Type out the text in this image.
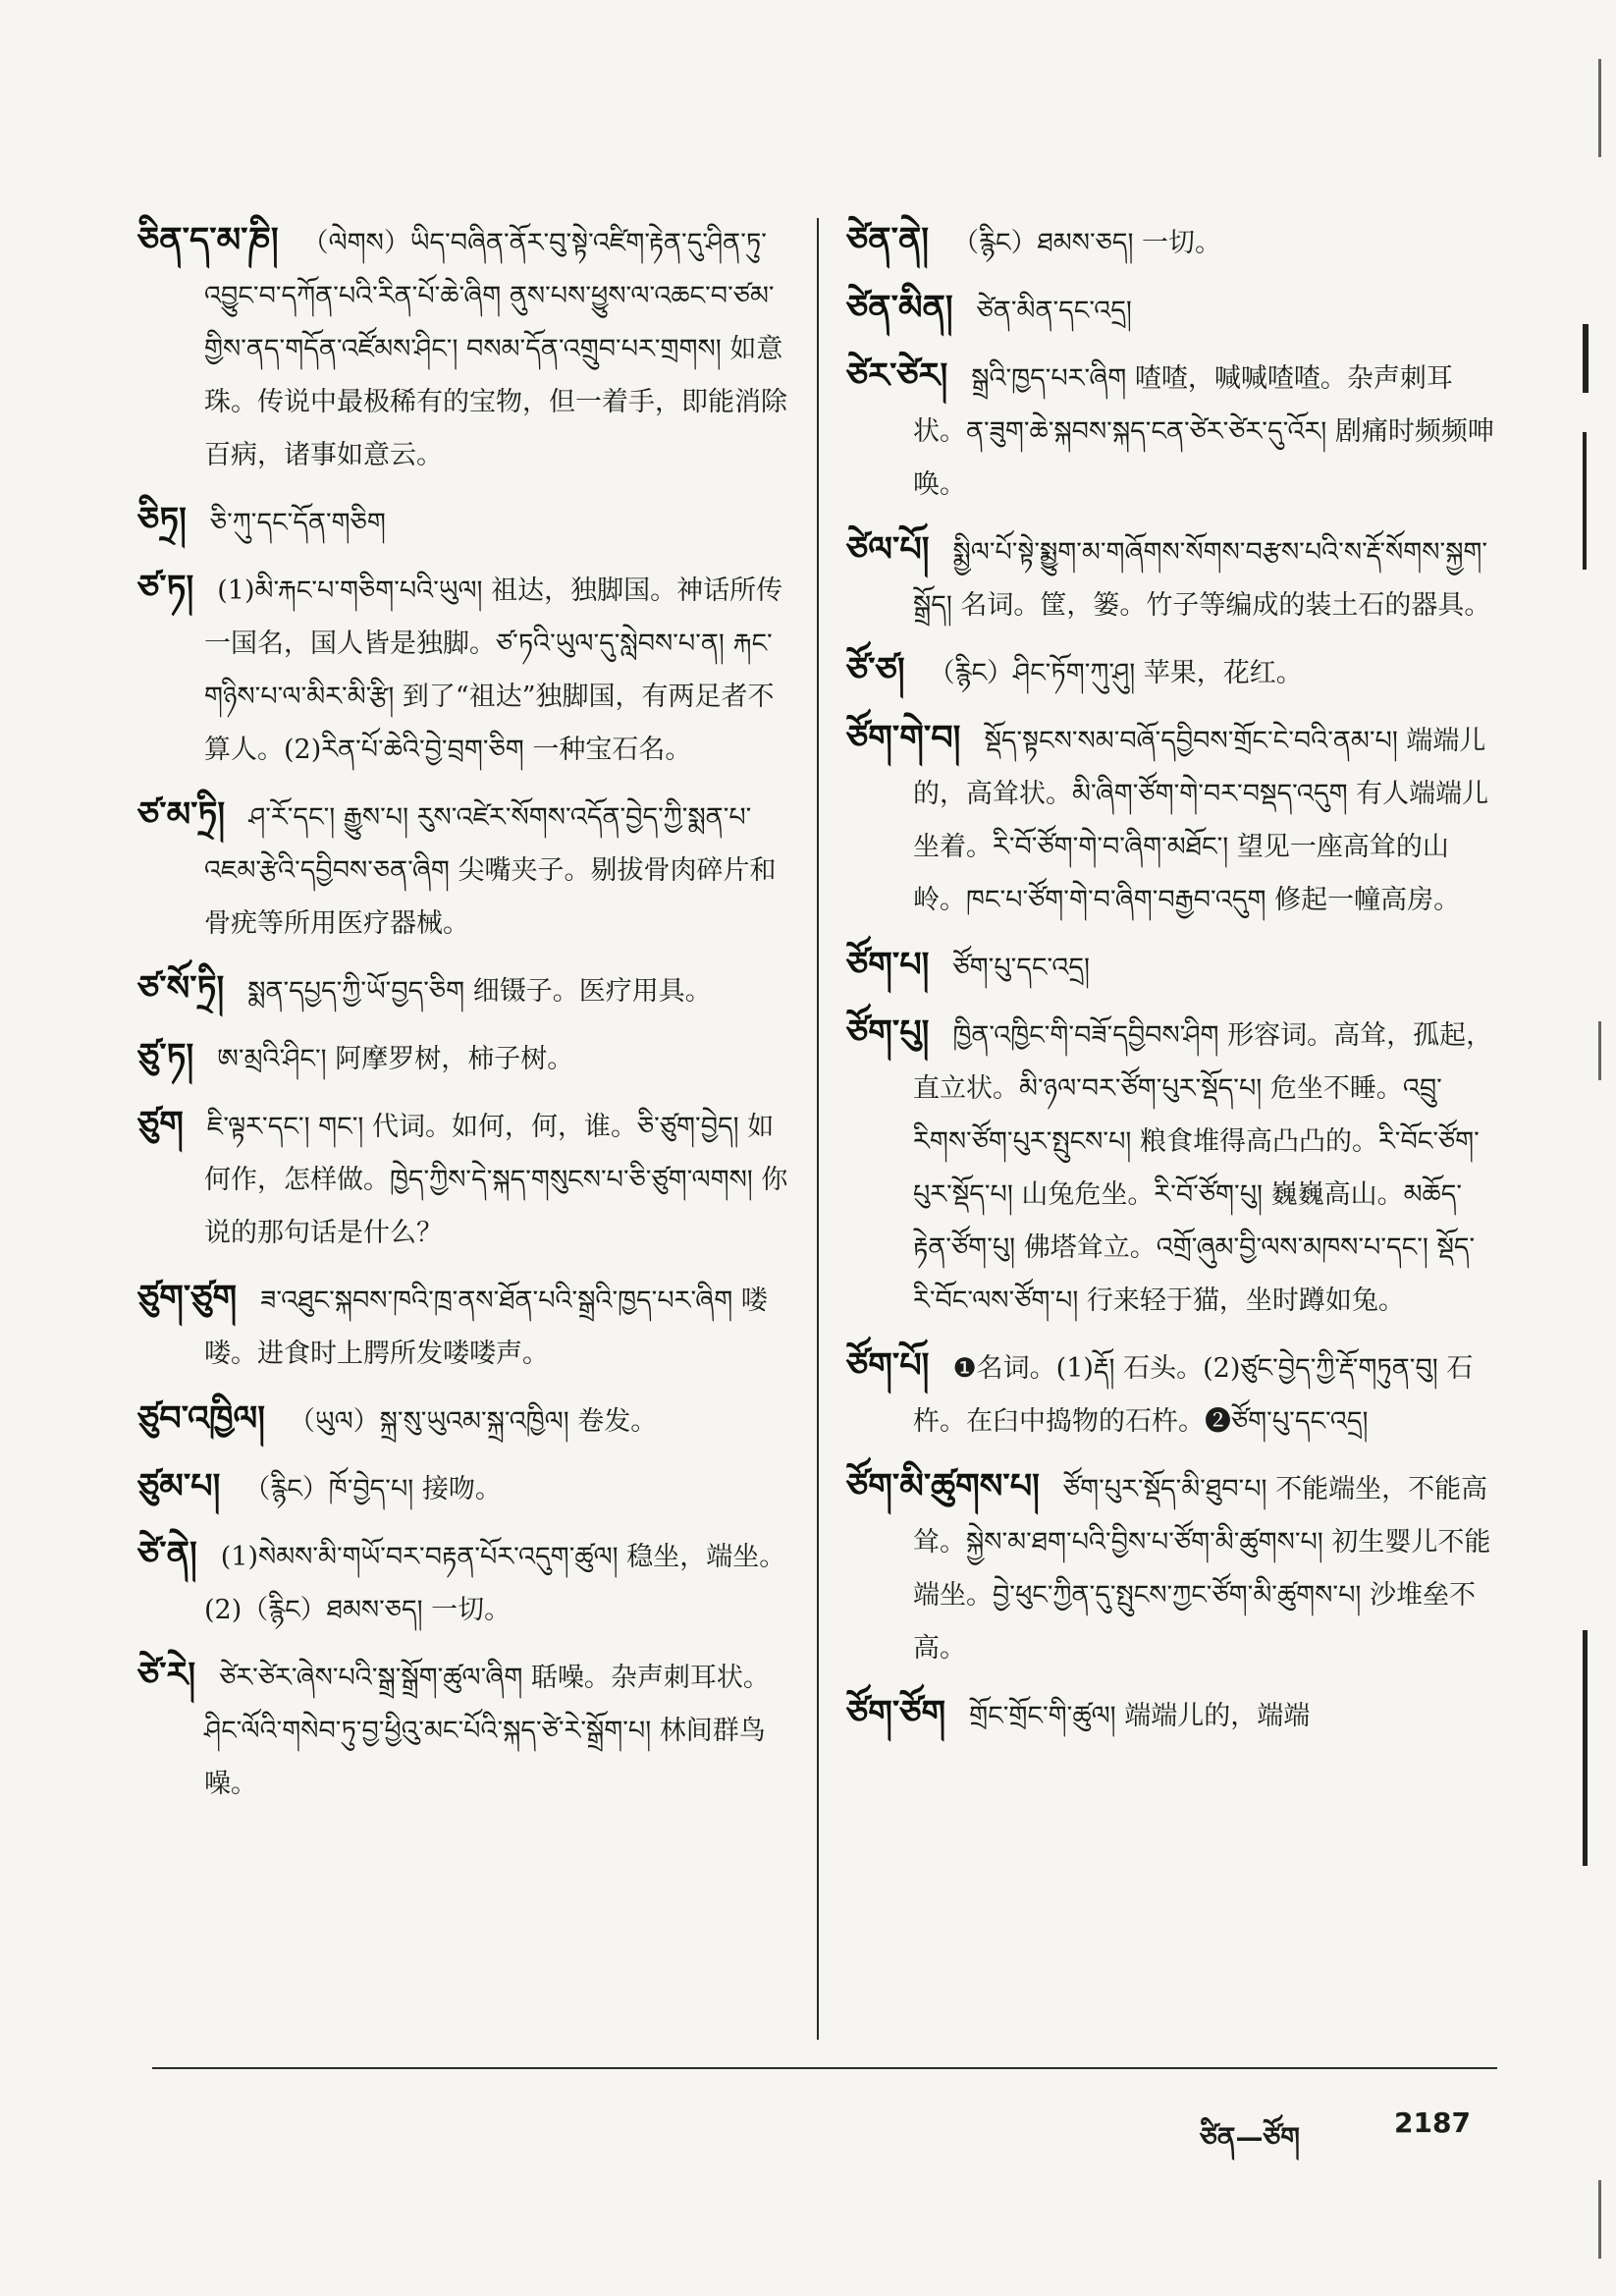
ཅིན་ད་མ་ཎི། （ལེགས）ཡིད་བཞིན་ནོར་བུ་སྟེ་འཛིག་རྟེན་དུ་ཤིན་ཏུ་འབྱུང་བ་དཀོན་པའི་རིན་པོ་ཆེ་ཞིག ནུས་པས་ཕྱུས་ལ་འཆང་བ་ཙམ་གྱིས་ནད་གདོན་འཛོམས་ཤིང་། བསམ་དོན་འགྲུབ་པར་གྲགས། 如意珠。传说中最极稀有的宝物，但一着手，即能消除百病，诸事如意云。
ཅིཏྲ། ཅི་ཀུ་དང་དོན་གཅིག
ཙ་ཏ། (1)མི་རྐང་པ་གཅིག་པའི་ཡུལ། 祖达，独脚国。神话所传一国名，国人皆是独脚。ཙ་ཏའི་ཡུལ་དུ་སླེབས་པ་ན། རྐང་གཉིས་པ་ལ་མིར་མི་རྩི། 到了“祖达”独脚国，有两足者不算人。(2)རིན་པོ་ཆེའི་བྱེ་བྲག་ཅིག 一种宝石名。
ཙ་མ་ཏྲི། ཤ་རོ་དང་། རྒྱུས་པ། རུས་འཛེར་སོགས་འདོན་བྱེད་ཀྱི་སྨན་པ་འཇམ་རྩེའི་དབྱིབས་ཅན་ཞིག 尖嘴夹子。剔拔骨肉碎片和骨疣等所用医疗器械。
ཙ་སོ་ཏྲི། སྨན་དཔྱད་ཀྱི་ཡོ་བྱད་ཅིག 细镊子。医疗用具。
ཙུ་ཏ། ཨ་མྲའི་ཤིང་། 阿摩罗树，柿子树。
ཙུག ཇི་ལྟར་དང་། གང་། 代词。如何，何，谁。ཅི་ཙུག་བྱེད། 如何作，怎样做。ཁྱེད་ཀྱིས་དེ་སྐད་གསུངས་པ་ཅི་ཙུག་ལགས། 你说的那句话是什么？
ཙུག་ཙུག ཟ་འཐུང་སྐབས་ཁའི་ཁྲ་ནས་ཐོན་པའི་སྒྲའི་ཁྱད་པར་ཞིག 喽喽。进食时上腭所发喽喽声。
ཙུབ་འཁྱིལ། （ཡུལ）སྐྲ་སུ་ཡུའམ་སྐྲ་འཁྱིལ། 卷发。
ཙུམ་པ། （རྙིང）ཁོ་བྱེད་པ། 接吻。
ཙེ་ནེ། (1)སེམས་མི་གཡོ་བར་བརྟན་པོར་འདུག་ཚུལ། 稳坐，端坐。(2)（རྙིང）ཐམས་ཅད། 一切。
ཙེ་རེ། ཙེར་ཙེར་ཞེས་པའི་སྒྲ་སྒྲོག་ཚུལ་ཞིག 聒噪。杂声刺耳状。ཤིང་ལོའི་གསེབ་ཏུ་བྱ་ཕྱིའུ་མང་པོའི་སྐད་ཙེ་རེ་སྒྲོག་པ། 林间群鸟噪。
ཙེན་ནེ། （རྙིང）ཐམས་ཅད། 一切。
ཙེན་མིན། ཙེན་མིན་དང་འདྲ།
ཙེར་ཙེར། སྒྲའི་ཁྱད་པར་ཞིག 喳喳，喊喊喳喳。杂声刺耳状。ན་ཟུག་ཆེ་སྐབས་སྐད་ངན་ཙེར་ཙེར་དུ་འོར། 剧痛时频频呻唤。
ཙེལ་པོ། སྨྱིལ་པོ་སྟེ་སྨྱུག་མ་གཞོགས་སོགས་བརྩས་པའི་ས་རྡོ་སོགས་སྐྱག་སྒྲོད། 名词。筐，篓。竹子等编成的装土石的器具。
ཙོ་ཙ། （རྙིང）ཤིང་ཏོག་ཀུ་ཤུ། 苹果，花红。
ཙོག་གེ་བ། སྡོད་སྟངས་སམ་བཞོ་དབྱིབས་གྲོང་ངེ་བའི་ནམ་པ། 端端儿的，高耸状。མི་ཞིག་ཙོག་གེ་བར་བསྡད་འདུག 有人端端儿坐着。རི་བོ་ཙོག་གེ་བ་ཞིག་མཐོང་། 望见一座高耸的山岭。ཁང་པ་ཙོག་གེ་བ་ཞིག་བརྒྱབ་འདུག 修起一幢高房。
ཙོག་པ། ཙོག་པུ་དང་འདྲ།
ཙོག་པུ། ཁྱིན་འཁྱིང་གི་བཟོ་དབྱིབས་ཤིག 形容词。高耸，孤起，直立状。མི་ཉལ་བར་ཙོག་པུར་སྡོད་པ། 危坐不睡。འབྲུ་རིགས་ཙོག་པུར་སྤུངས་པ། 粮食堆得高凸凸的。རི་བོང་ཙོག་པུར་སྡོད་པ། 山兔危坐。རི་བོ་ཙོག་པུ། 巍巍高山。མཆོད་རྟེན་ཙོག་པུ། 佛塔耸立。འགྲོ་ཞུམ་བྱི་ལས་མཁས་པ་དང་། སྡོད་རི་བོང་ལས་ཙོག་པ། 行来轻于猫，坐时蹲如兔。
ཙོག་པོ། ❶名词。(1)རྡོ། 石头。(2)ཙུང་བྱེད་ཀྱི་རྡོ་གཏུན་བུ། 石杵。在臼中捣物的石杵。❷ཙོག་པུ་དང་འདྲ།
ཙོག་མི་ཚུགས་པ། ཙོག་པུར་སྡོད་མི་ཐུབ་པ། 不能端坐，不能高耸。སྐྱེས་མ་ཐག་པའི་བྱིས་པ་ཙོག་མི་ཚུགས་པ། 初生婴儿不能端坐。བྱེ་ཕུང་ཀྱིན་དུ་སྤུངས་ཀྱང་ཙོག་མི་ཚུགས་པ། 沙堆垒不高。
ཙོག་ཙོག གྲོང་གྲོང་གི་ཚུལ། 端端儿的，端端
ཙིན—ཙོག	2187
